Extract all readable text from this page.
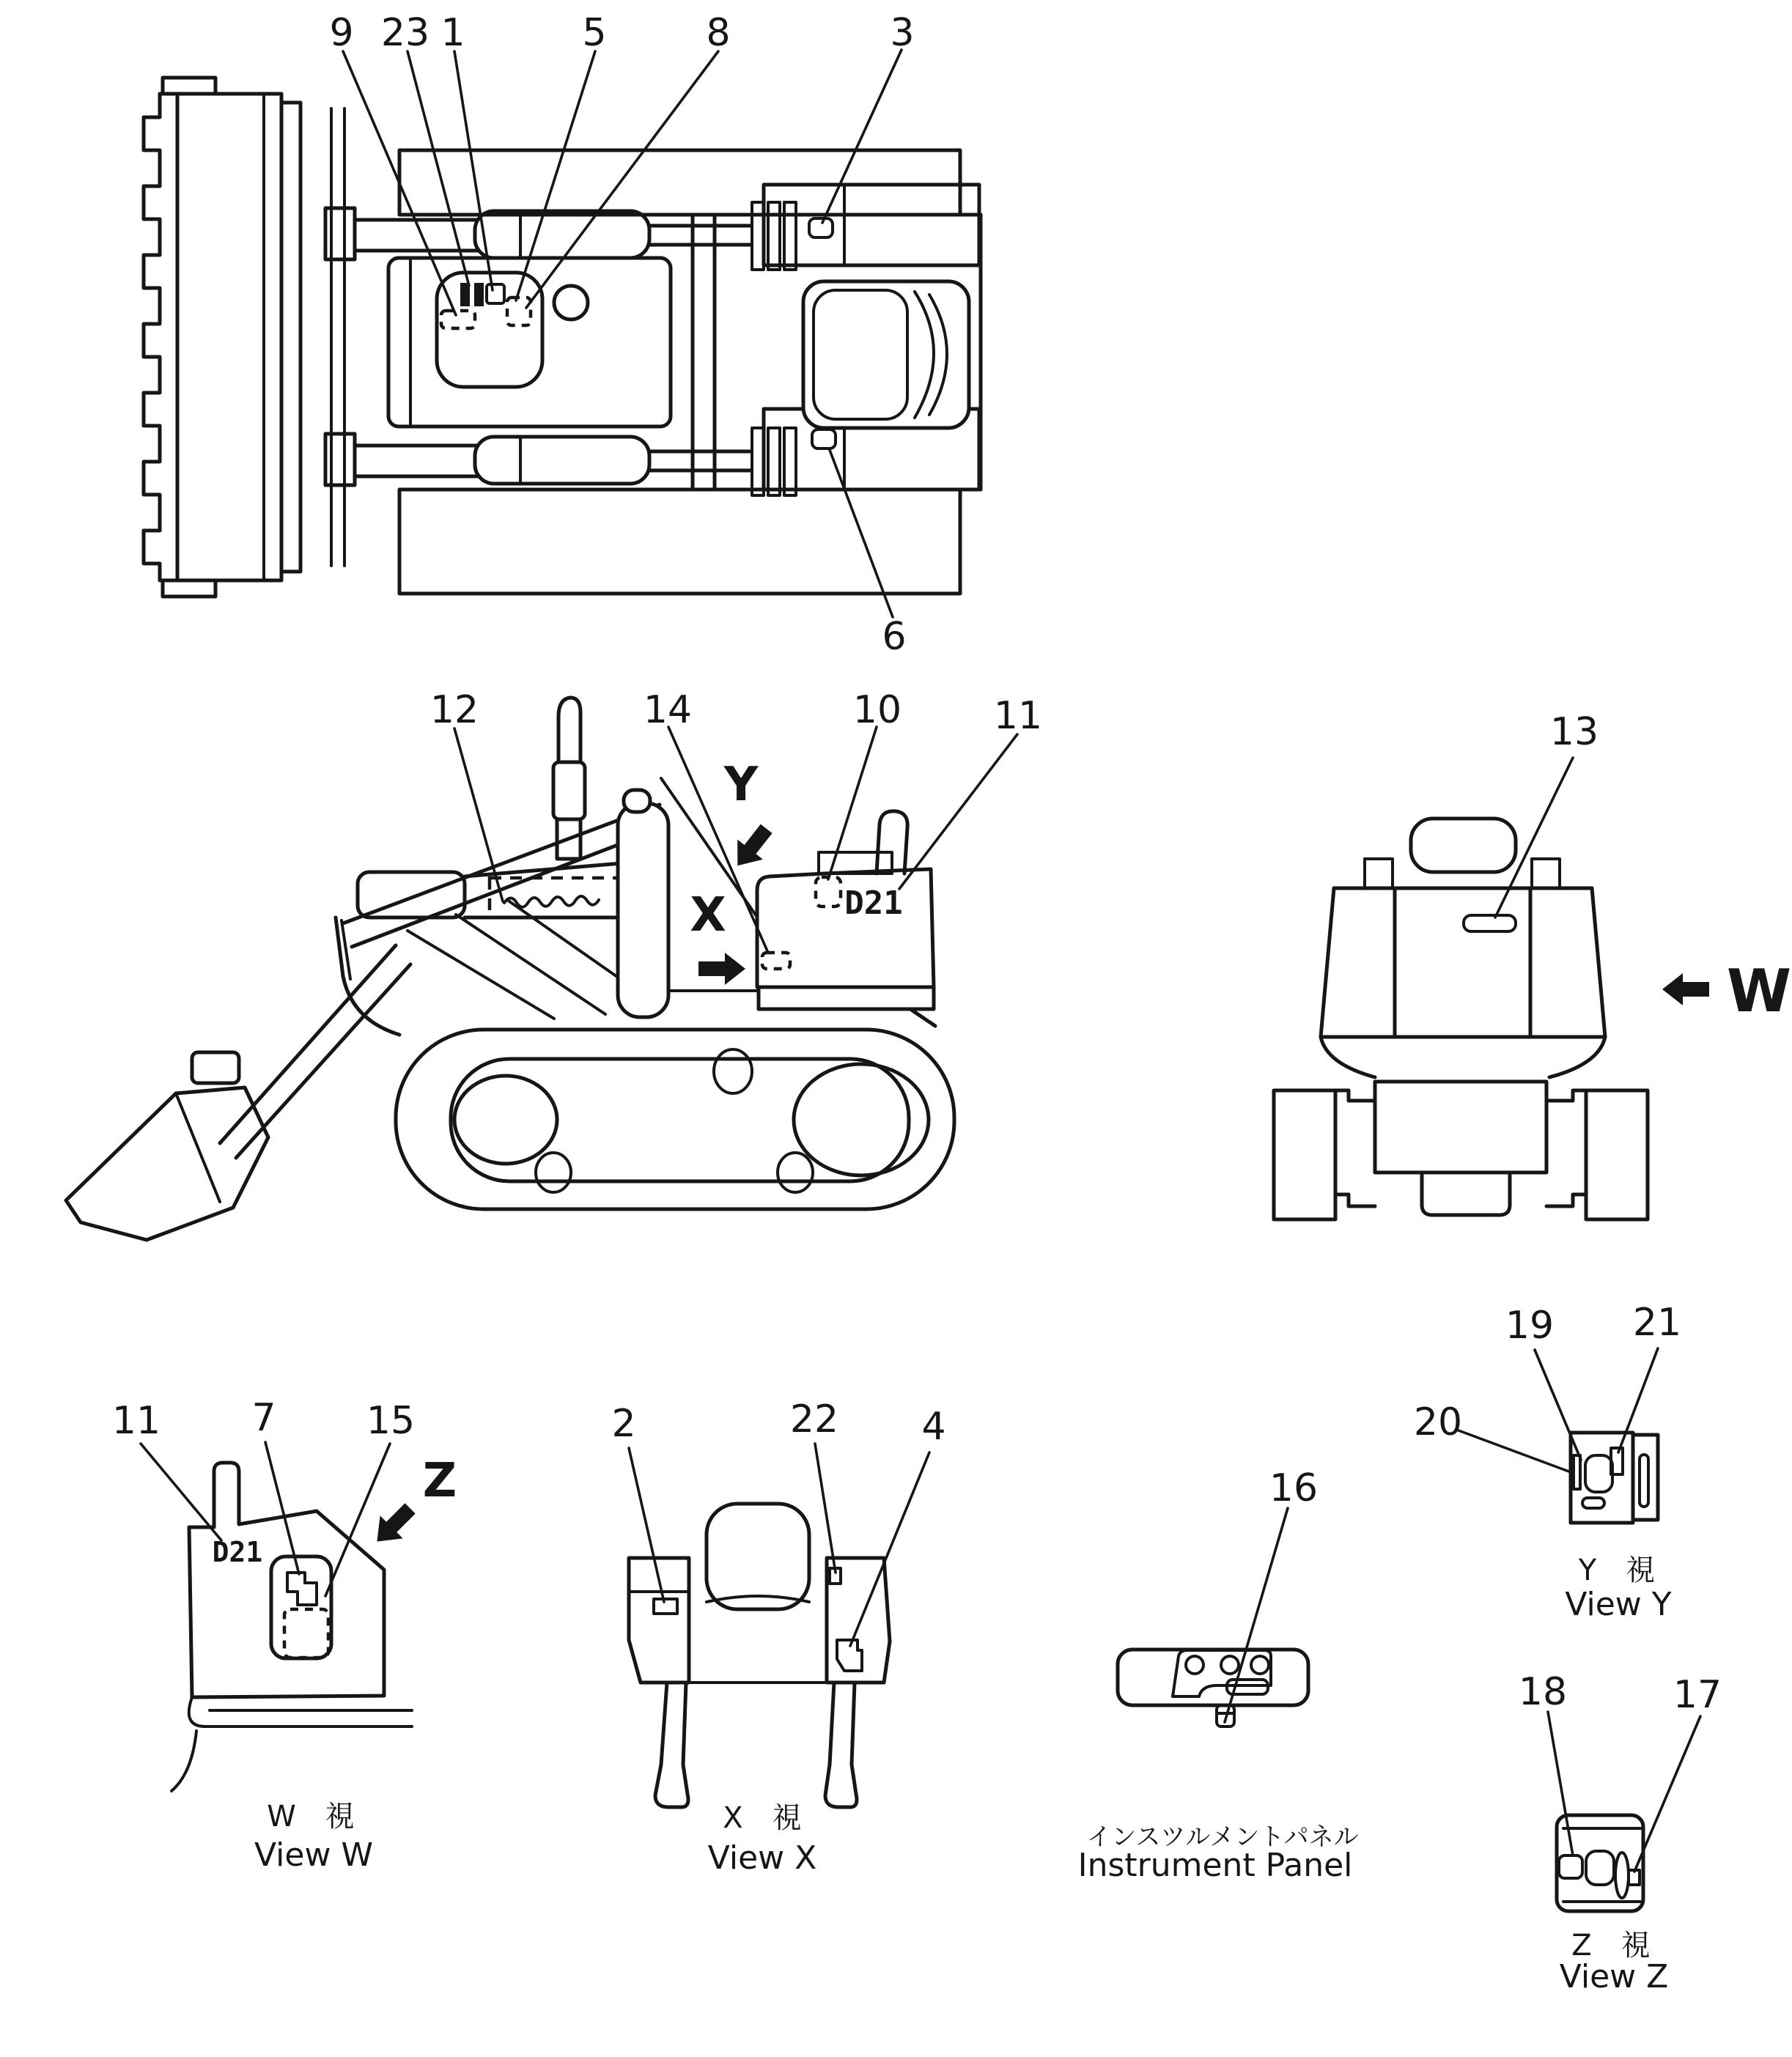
9 23 1	5	8	3
6
D21
12	14	10 11
Y
X
13
W
D21
11 7 15
Z
W　視
View W
2	22 4
X　視
View X
16
インスツルメントパネル
Instrument Panel
19 21
20
Y　視
View Y
18	17
Z　視
View Z
